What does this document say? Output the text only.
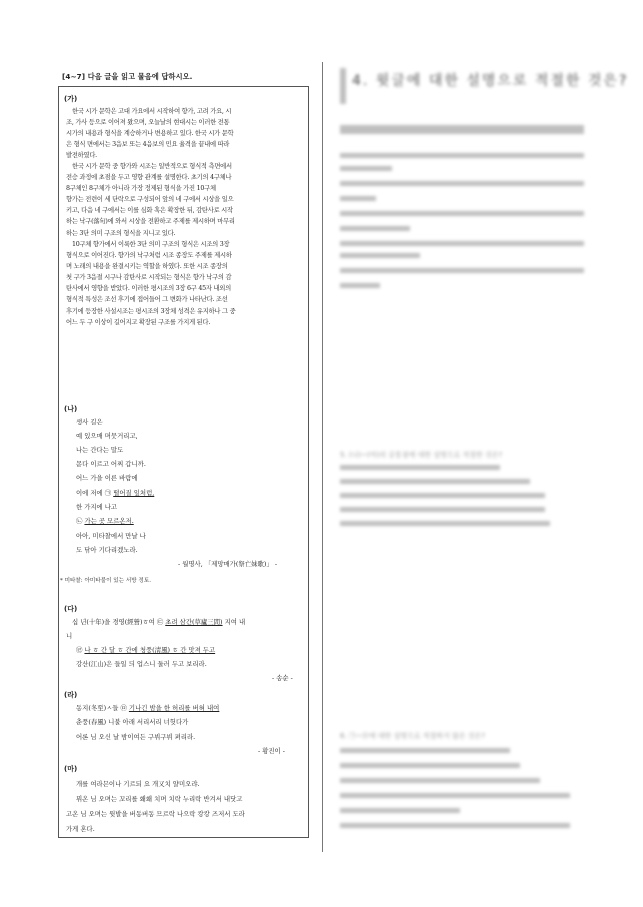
[4~7] 다음 글을 읽고 물음에 답하시오.
(가)
한국 시가 문학은 고대 가요에서 시작하여 향가, 고려 가요, 시
조, 가사 등으로 이어져 왔으며, 오늘날의 현대시는 이러한 전통
시가의 내용과 형식을 계승하거나 변용하고 있다. 한국 시가 문학
은 형식 면에서는 3음보 또는 4음보의 민요 율격을 끝내에 따라
발전하였다.
한국 시가 문학 중 향가와 시조는 일반적으로 형식적 측면에서
전승 과정에 초점을 두고 영향 관계를 설명한다. 초기의 4구체나
8구체인 8구체가 아니라 가장 정제된 형식을 가진 10구체
향가는 전련이 세 단락으로 구성되어 앞의 네 구에서 시상을 일으
키고, 다음 네 구에서는 이를 심화 혹은 확장한 뒤, 감탄사로 시작
하는 낙구(落句)에 와서 시상을 전환하고 주제를 제시하며 마무리
하는 3단 의미 구조의 형식을 지니고 있다.
10구체 향가에서 이룩한 3단 의미 구조의 형식은 시조의 3장
형식으로 이어진다. 향가의 낙구처럼 시조 종장도 주제를 제시하
며 노래의 내용을 완결시키는 역할을 하였다. 또한 시조 종장의
첫 구가 3음절 시구나 감탄사로 시작되는 형식은 향가 낙구의 감
탄사에서 영향을 받았다. 이러한 평시조의 3장 6구 45자 내외의
형식적 특성은 조선 후기에 접어들어 그 변화가 나타난다. 조선
후기에 등장한 사설시조는 평시조의 3장체 성격은 유지하나 그 중
어느 두 구 이상이 길어지고 확장된 구조를 가지게 된다.
(나)
생사 길은
예 있으매 머뭇거리고,
나는 간다는 말도
몯다 이르고 어찌 갑니까.
어느 가을 이른 바람에
이에 저에 ㉠ 떨어질 잎처럼,
한 가지에 나고
㉡ 가는 곳 모르온저.
아아, 미타찰에서 만날 나
도 닦아 기다리겠노라.
- 월명사, 「제망매가(祭亡妹歌)」 -
* 미타찰: 아미타불이 있는 서방 정토.
(다)
십 년(十年)을 경영(經營)ㅎ여 ㉢ 초려 삼간(草廬三間) 지여 내
니
㉣ 나 ㅎ 간 달 ㅎ 간에 청풍(淸風) ㅎ 간 맛져 두고
강산(江山)은 들일 듸 업스니 둘러 두고 보리라.
- 송순 -
(라)
동지(冬至)ㅅ들 ㉤ 기나긴 밤을 한 허리를 버혀 내여
춘풍(春風) 니불 아래 서리서리 너헛다가
어론 님 오신 날 밤이여든 구뷔구뷔 펴리라.
- 황진이 -
(마)
개를 여라믄이나 기르되 요 개又치 얄미오랴.
뮈온 님 오며는 꼬리를 홰홰 치며 치락 누리락 반겨서 내닷고
고온 님 오며는 뒷발을 버동버동 므르락 나으락 캉캉 즈저서 도라
가게 혼다.
4. 윗글에 대한 설명으로 적절한 것은?
5. (나)~(마)의 공통점에 대한 설명으로 적절한 것은?
6. ㉠~㉤에 대한 설명으로 적절하지 않은 것은?
